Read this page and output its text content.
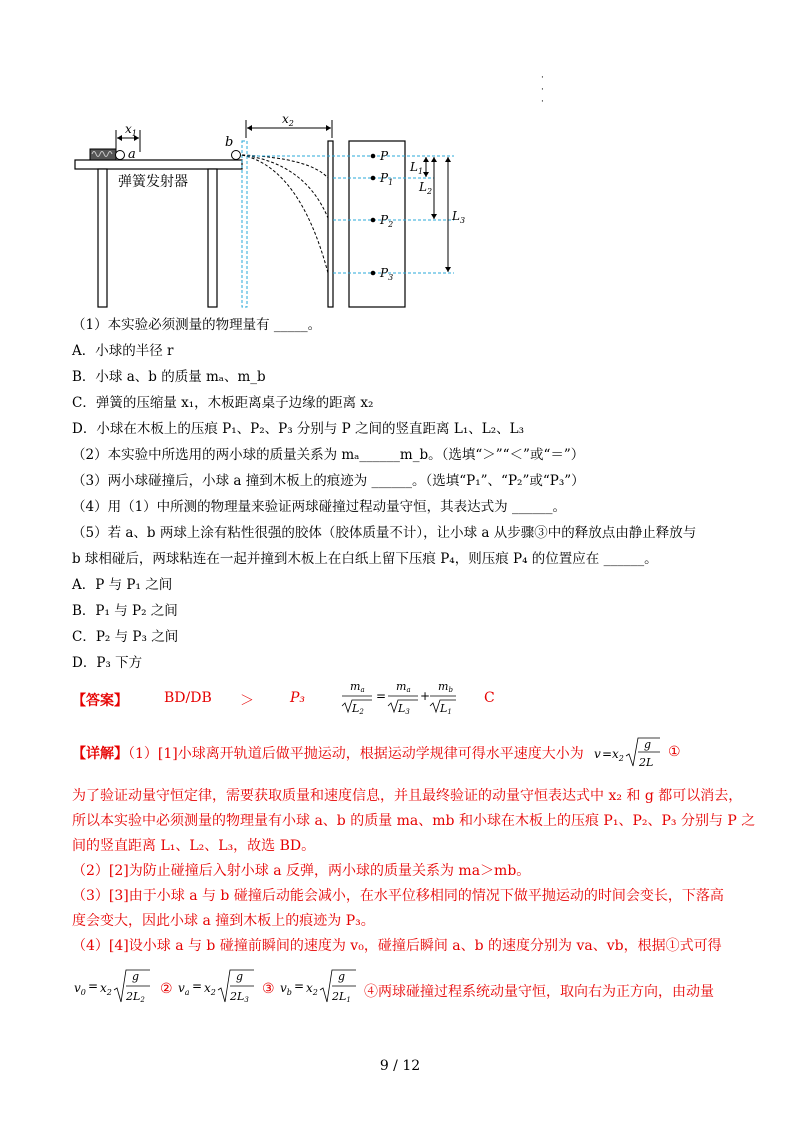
·
·
·
a
b
$x_1$
弹簧发射器
$x_2$
P
$P_1$
$P_2$
$P_3$
$L_1$
$L_2$
$L_3$
（1）本实验必须测量的物理量有 _____。
A．小球的半径 r
B．小球 a、b 的质量 mₐ、m_b
C．弹簧的压缩量 x₁，木板距离桌子边缘的距离 x₂
D．小球在木板上的压痕 P₁、P₂、P₃ 分别与 P 之间的竖直距离 L₁、L₂、L₃
（2）本实验中所选用的两小球的质量关系为 mₐ______m_b。（选填“＞”“＜”或“＝”）
（3）两小球碰撞后，小球 a 撞到木板上的痕迹为 ______。（选填“P₁”、“P₂”或“P₃”）
（4）用（1）中所测的物理量来验证两球碰撞过程动量守恒，其表达式为 ______。
（5）若 a、b 两球上涂有粘性很强的胶体（胶体质量不计），让小球 a 从步骤③中的释放点由静止释放与
b 球相碰后，两球粘连在一起并撞到木板上在白纸上留下压痕 P₄，则压痕 P₄ 的位置应在 ______。
A．P 与 P₁ 之间
B．P₁ 与 P₂ 之间
C．P₂ 与 P₃ 之间
D．P₃ 下方
【答案】	BD/DB ＞	P₃
ma
L2
=
ma
L3
+
mb
L1
C
【详解】（1）[1]小球离开轨道后做平抛运动，根据运动学规律可得水平速度大小为 $v = x_2$
g
2L
①
为了验证动量守恒定律，需要获取质量和速度信息，并且最终验证的动量守恒表达式中 x₂ 和 g 都可以消去，
所以本实验中必须测量的物理量有小球 a、b 的质量 ma、mb 和小球在木板上的压痕 P₁、P₂、P₃ 分别与 P 之
间的竖直距离 L₁、L₂、L₃，故选 BD。
（2）[2]为防止碰撞后入射小球 a 反弹，两小球的质量关系为 ma＞mb。
（3）[3]由于小球 a 与 b 碰撞后动能会减小，在水平位移相同的情况下做平抛运动的时间会变长，下落高
度会变大，因此小球 a 撞到木板上的痕迹为 P₃。
（4）[4]设小球 a 与 b 碰撞前瞬间的速度为 v₀，碰撞后瞬间 a、b 的速度分别为 va、vb，根据①式可得
$v_0 = x_2$
g
2L2
② $v_a = x_2$
g
2L3
③ $v_b = x_2$
g
2L1 ④两球碰撞过程系统动量守恒，取向右为正方向，由动量
9 / 12
